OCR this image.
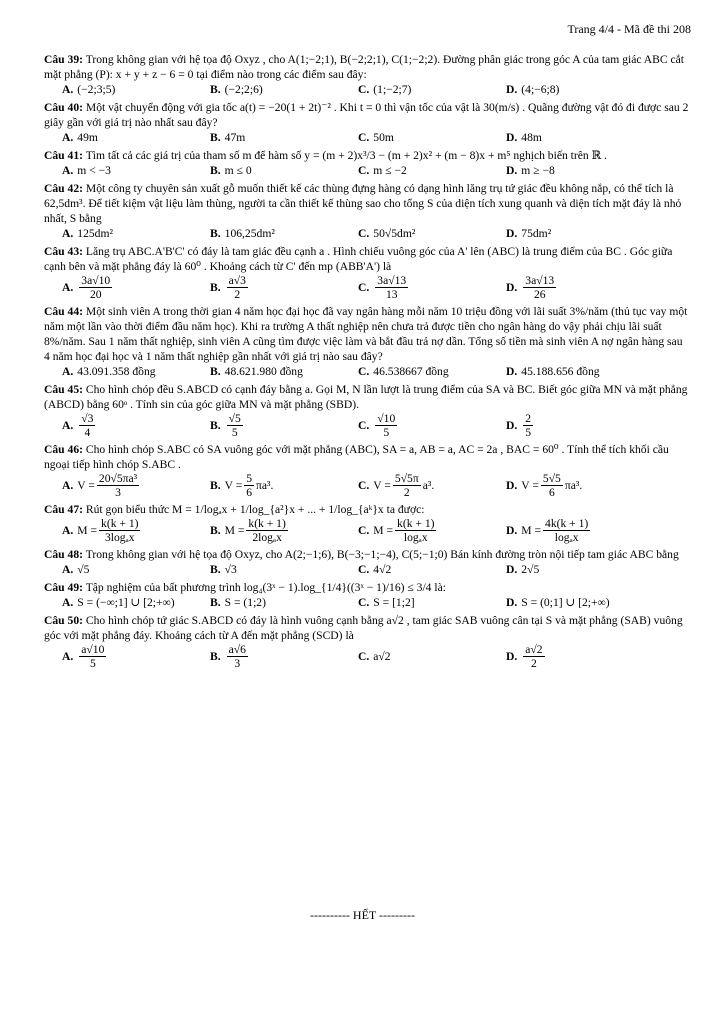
Trang 4/4 - Mã đề thi 208

Câu 39: Trong không gian với hệ tọa độ Oxyz , cho A(1;−2;1), B(−2;2;1), C(1;−2;2). Đường phân giác trong góc A của tam giác ABC cắt mặt phẳng (P): x + y + z − 6 = 0 tại điểm nào trong các điểm sau đây:

A. (−2;3;5)	B. (−2;2;6)	C. (1;−2;7)	D. (4;−6;8)

Câu 40: Một vật chuyển động với gia tốc a(t) = −20(1 + 2t)⁻² . Khi t = 0 thì vận tốc của vật là 30(m/s) . Quãng đường vật đó đi được sau 2 giây gần với giá trị nào nhất sau đây?

A. 49m	B. 47m	C. 50m	D. 48m

Câu 41: Tìm tất cả các giá trị của tham số m để hàm số y = (m + 2)x³/3 − (m + 2)x² + (m − 8)x + m⁵ nghịch biến trên ℝ .

A. m < −3	B. m ≤ 0	C. m ≤ −2	D. m ≥ −8

Câu 42: Một công ty chuyên sản xuất gỗ muốn thiết kế các thùng đựng hàng có dạng hình lăng trụ tứ giác đều không nắp, có thể tích là 62,5dm³. Để tiết kiệm vật liệu làm thùng, người ta cần thiết kế thùng sao cho tổng S của diện tích xung quanh và diện tích mặt đáy là nhỏ nhất, S bằng

A. 125dm²	B. 106,25dm²	C. 50√5dm²	D. 75dm²

Câu 43: Lăng trụ ABC.A'B'C' có đáy là tam giác đều cạnh a . Hình chiếu vuông góc của A' lên (ABC) là trung điểm của BC . Góc giữa cạnh bên và mặt phẳng đáy là 60⁰ . Khoảng cách từ C' đến mp (ABB'A') là

A. $\frac{3a√10}{20}$	B. $\frac{a√3}{2}$	C. $\frac{3a√13}{13}$	D. $\frac{3a√13}{26}$

Câu 44: Một sinh viên A trong thời gian 4 năm học đại học đã vay ngân hàng mỗi năm 10 triệu đồng với lãi suất 3%/năm (thủ tục vay một năm một lần vào thời điểm đầu năm học). Khi ra trường A thất nghiệp nên chưa trả được tiền cho ngân hàng do vậy phải chịu lãi suất 8%/năm. Sau 1 năm thất nghiệp, sinh viên A cũng tìm được việc làm và bắt đầu trả nợ dần. Tổng số tiền mà sinh viên A nợ ngân hàng sau 4 năm học đại học và 1 năm thất nghiệp gần nhất với giá trị nào sau đây?

A. 43.091.358 đồng	B. 48.621.980 đồng	C. 46.538667 đồng	D. 45.188.656 đồng

Câu 45: Cho hình chóp đều S.ABCD có cạnh đáy bằng a. Gọi M, N lần lượt là trung điểm của SA và BC. Biết góc giữa MN và mặt phẳng (ABCD) bằng 60ᵒ . Tính sin của góc giữa MN và mặt phẳng (SBD).

A. $\frac{√3}{4}$	B. $\frac{√5}{5}$	C. $\frac{√10}{5}$	D. $\frac{2}{5}$

Câu 46: Cho hình chóp S.ABC có SA vuông góc với mặt phẳng (ABC), SA = a, AB = a, AC = 2a , BAC = 60⁰ . Tính thể tích khối cầu ngoại tiếp hình chóp S.ABC .

A. $V = \frac{\text{20√5πa³}}{3}$	B. $V = \frac{5}{6} \pi a^3$.	C. $V = \frac{5√5\pi}{2} a^3$.	D. $V = \frac{5√5}{6} \pi a^3$.

Câu 47: Rút gọn biểu thức M = 1/logₐx + 1/log_{a²}x + ... + 1/log_{aᵏ}x ta được:

A. $M = \frac{k(k + 1)}{\text{3logₐx}}$	B. $M = \frac{k(k + 1)}{\text{2logₐx}}$	C. $M = \frac{k(k + 1)}{\text{logₐx}}$	D. $M = \frac{4k(k + 1)}{\text{logₐx}}$

Câu 48: Trong không gian với hệ tọa độ Oxyz, cho A(2;−1;6), B(−3;−1;−4), C(5;−1;0) Bán kính đường tròn nội tiếp tam giác ABC bằng

A. √5	B. √3	C. 4√2	D. 2√5

Câu 49: Tập nghiệm của bất phương trình log₄(3ˣ − 1).log_{1/4}((3ˣ − 1)/16) ≤ 3/4 là:

A. S = (−∞;1] ∪ [2;+∞)	B. S = (1;2)	C. S = [1;2]	D. S = (0;1] ∪ [2;+∞)

Câu 50: Cho hình chóp tứ giác S.ABCD có đáy là hình vuông cạnh bằng a√2 , tam giác SAB vuông cân tại S và mặt phẳng (SAB) vuông góc với mặt phẳng đáy. Khoảng cách từ A đến mặt phẳng (SCD) là

A. $\frac{a√10}{5}$	B. $\frac{a√6}{3}$	C. a√2	D. $\frac{a√2}{2}$
---------- HẾT ---------
